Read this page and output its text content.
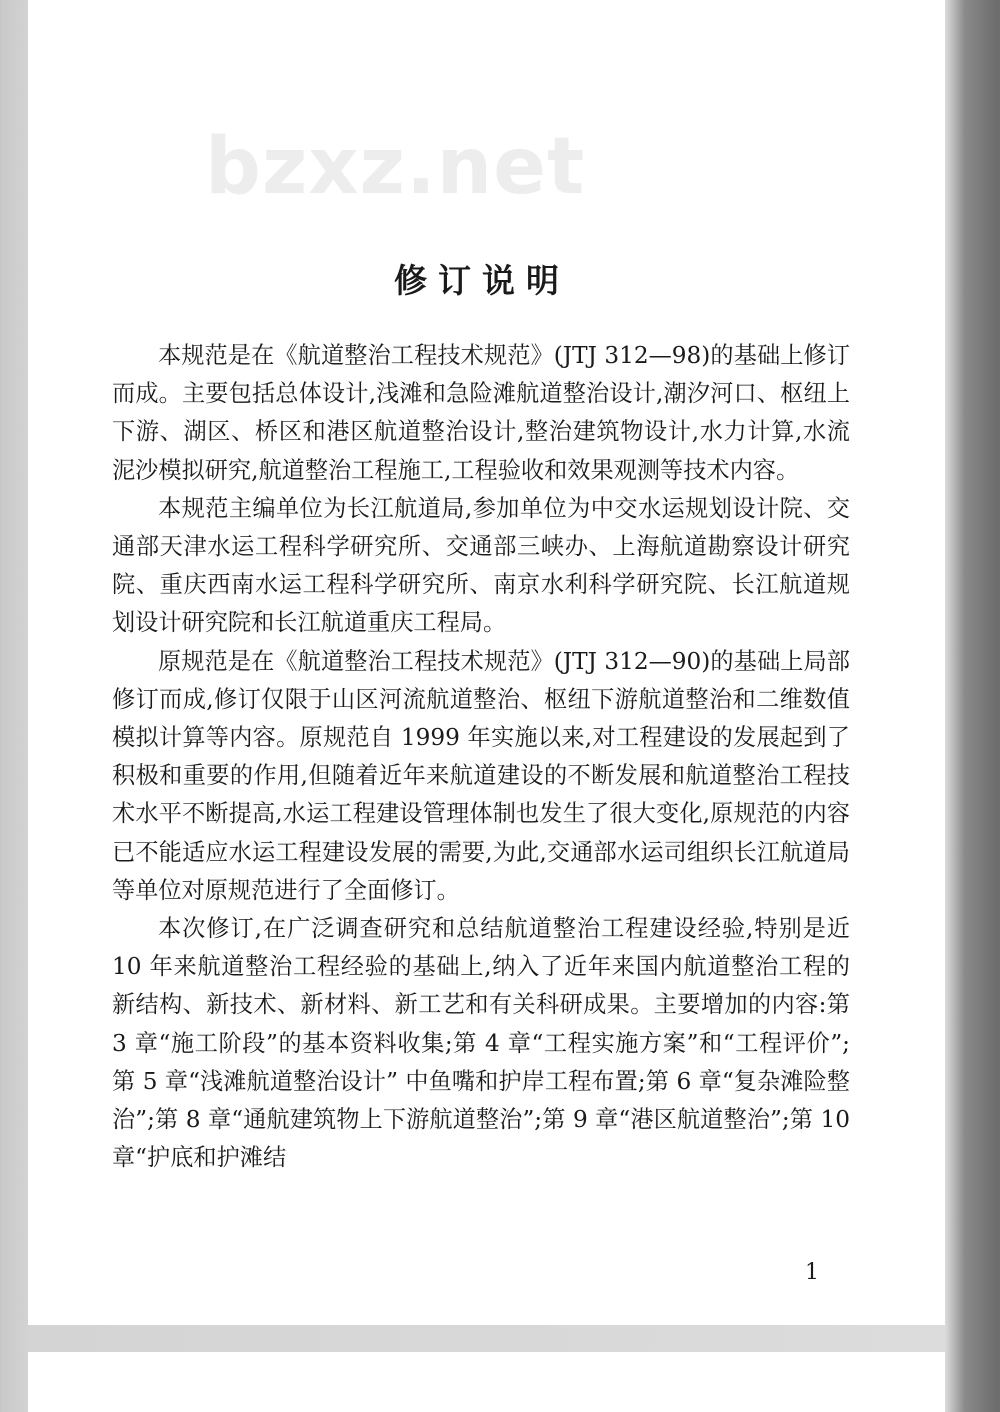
bzxz.net
修订说明

本规范是在《航道整治工程技术规范》(JTJ 312—98)的基础上修订而成。主要包括总体设计,浅滩和急险滩航道整治设计,潮汐河口、枢纽上下游、湖区、桥区和港区航道整治设计,整治建筑物设计,水力计算,水流泥沙模拟研究,航道整治工程施工,工程验收和效果观测等技术内容。

本规范主编单位为长江航道局,参加单位为中交水运规划设计院、交通部天津水运工程科学研究所、交通部三峡办、上海航道勘察设计研究院、重庆西南水运工程科学研究所、南京水利科学研究院、长江航道规划设计研究院和长江航道重庆工程局。

原规范是在《航道整治工程技术规范》(JTJ 312—90)的基础上局部修订而成,修订仅限于山区河流航道整治、枢纽下游航道整治和二维数值模拟计算等内容。原规范自 1999 年实施以来,对工程建设的发展起到了积极和重要的作用,但随着近年来航道建设的不断发展和航道整治工程技术水平不断提高,水运工程建设管理体制也发生了很大变化,原规范的内容已不能适应水运工程建设发展的需要,为此,交通部水运司组织长江航道局等单位对原规范进行了全面修订。

本次修订,在广泛调查研究和总结航道整治工程建设经验,特别是近 10 年来航道整治工程经验的基础上,纳入了近年来国内航道整治工程的新结构、新技术、新材料、新工艺和有关科研成果。主要增加的内容:第 3 章“施工阶段”的基本资料收集;第 4 章“工程实施方案”和“工程评价”;第 5 章“浅滩航道整治设计” 中鱼嘴和护岸工程布置;第 6 章“复杂滩险整治”;第 8 章“通航建筑物上下游航道整治”;第 9 章“港区航道整治”;第 10 章“护底和护滩结

1
